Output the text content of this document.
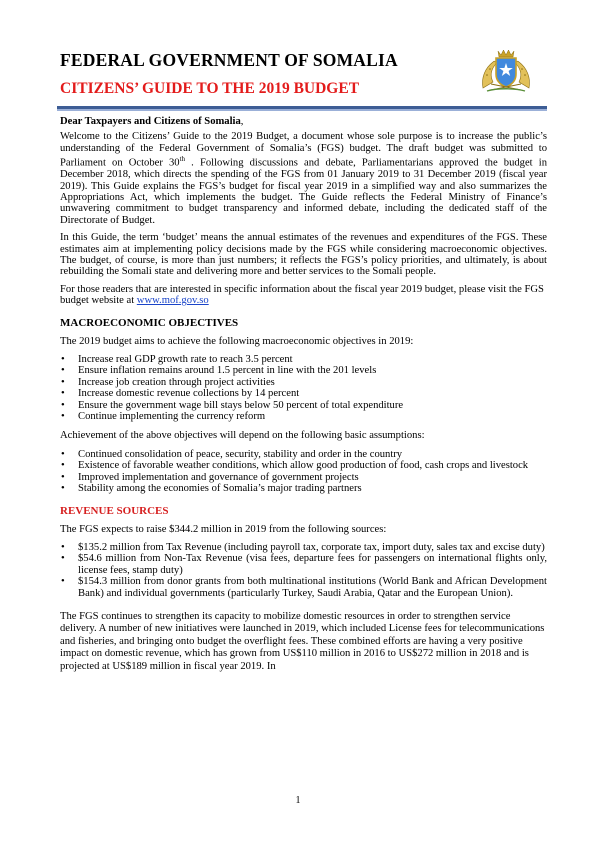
FEDERAL GOVERNMENT OF SOMALIA
CITIZENS’ GUIDE TO THE 2019 BUDGET

Dear Taxpayers and Citizens of Somalia,

Welcome to the Citizens’ Guide to the 2019 Budget, a document whose sole purpose is to increase the public’s understanding of the Federal Government of Somalia’s (FGS) budget. The draft budget was submitted to Parliament on October 30th . Following discussions and debate, Parliamentarians approved the budget in December 2018, which directs the spending of the FGS from 01 January 2019 to 31 December 2019 (fiscal year 2019). This Guide explains the FGS’s budget for fiscal year 2019 in a simplified way and also summarizes the Appropriations Act, which implements the budget. The Guide reflects the Federal Ministry of Finance’s unwavering commitment to budget transparency and informed debate, including the dedicated staff of the Directorate of Budget.

In this Guide, the term ‘budget’ means the annual estimates of the revenues and expenditures of the FGS. These estimates aim at implementing policy decisions made by the FGS while considering macroeconomic objectives. The budget, of course, is more than just numbers; it reflects the FGS’s policy priorities, and ultimately, is about rebuilding the Somali state and delivering more and better services to the Somali people.

For those readers that are interested in specific information about the fiscal year 2019 budget, please visit the FGS budget website at www.mof.gov.so

MACROECONOMIC OBJECTIVES

The 2019 budget aims to achieve the following macroeconomic objectives in 2019:

• Increase real GDP growth rate to reach 3.5 percent
• Ensure inflation remains around 1.5 percent in line with the 201 levels
• Increase job creation through project activities
• Increase domestic revenue collections by 14 percent
• Ensure the government wage bill stays below 50 percent of total expenditure
• Continue implementing the currency reform

Achievement of the above objectives will depend on the following basic assumptions:

• Continued consolidation of peace, security, stability and order in the country
• Existence of favorable weather conditions, which allow good production of food, cash crops and livestock
• Improved implementation and governance of government projects
• Stability among the economies of Somalia’s major trading partners
REVENUE SOURCES

The FGS expects to raise $344.2 million in 2019 from the following sources:

• $135.2 million from Tax Revenue (including payroll tax, corporate tax, import duty, sales tax and excise duty)
• $54.6 million from Non-Tax Revenue (visa fees, departure fees for passengers on international flights only, license fees, stamp duty)
• $154.3 million from donor grants from both multinational institutions (World Bank and African Development Bank) and individual governments (particularly Turkey, Saudi Arabia, Qatar and the European Union).

The FGS continues to strengthen its capacity to mobilize domestic resources in order to strengthen service delivery. A number of new initiatives were launched in 2019, which included License fees for telecommunications and fisheries, and bringing onto budget the overflight fees. These combined efforts are having a very positive impact on domestic revenue, which has grown from US$110 million in 2016 to US$272 million in 2018 and is projected at US$189 million in fiscal year 2019. In

1
